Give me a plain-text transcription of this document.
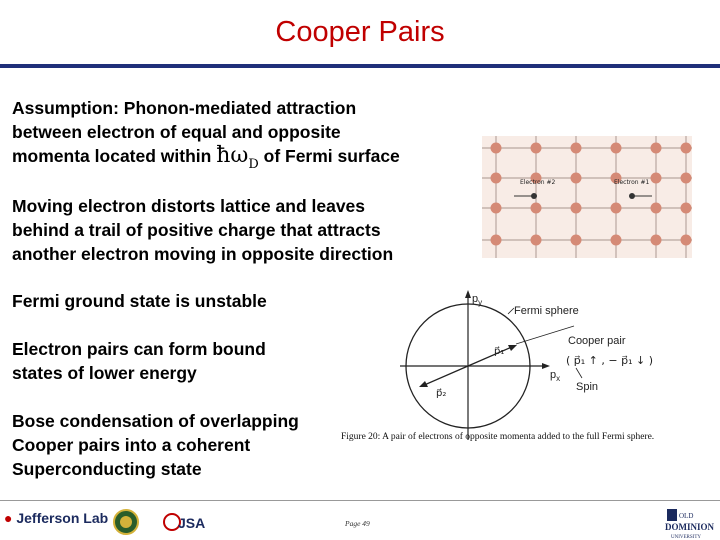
Cooper Pairs
Assumption: Phonon-mediated attraction
between electron of equal and opposite
momenta located within $ħ\omega_D$ of Fermi surface
Moving electron distorts lattice and leaves
behind a trail of positive charge that attracts
another electron moving in opposite direction
Fermi ground state is unstable
Electron pairs can form bound
states of lower energy
Bose condensation of overlapping
Cooper pairs into a coherent
Superconducting state
Electron #2	Electron #1
$p_y$
$p_x$
Fermi sphere
Cooper pair
( p⃗₁ ↑ , − p⃗₁ ↓ )
Spin
p⃗₁
p⃗₂
Figure 20: A pair of electrons of opposite momenta added to the full Fermi sphere.
● Jefferson Lab	JSA	Page 49
OLD
DOMINION
UNIVERSITY
